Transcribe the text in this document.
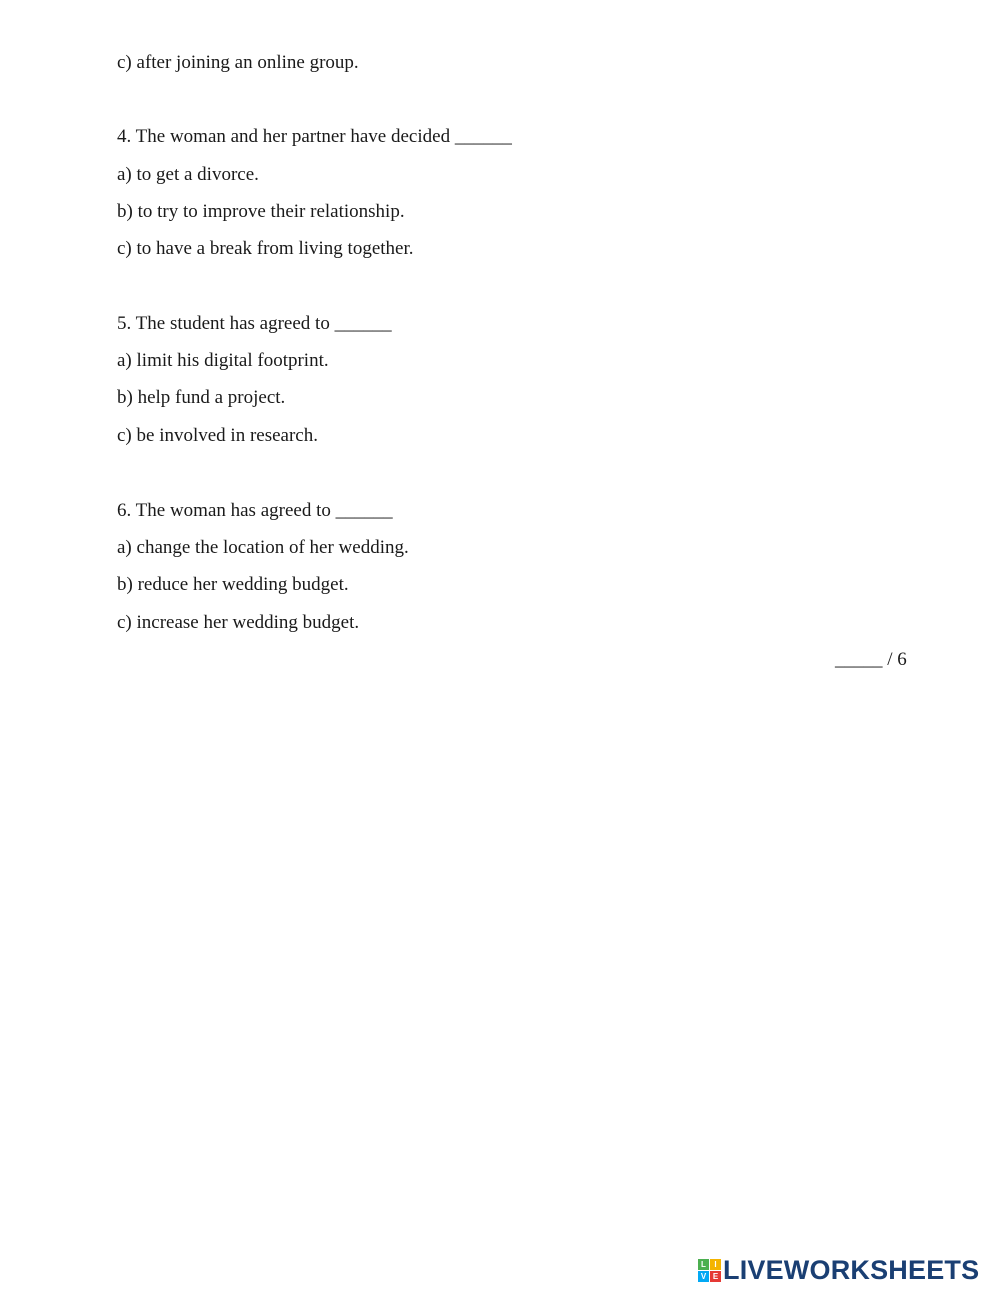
c) after joining an online group.
4. The woman and her partner have decided ______
a) to get a divorce.
b) to try to improve their relationship.
c) to have a break from living together.
5. The student has agreed to ______
a) limit his digital footprint.
b) help fund a project.
c) be involved in research.
6. The woman has agreed to ______
a) change the location of her wedding.
b) reduce her wedding budget.
c) increase her wedding budget.
_____ / 6
L	I
V E LIVEWORKSHEETS
